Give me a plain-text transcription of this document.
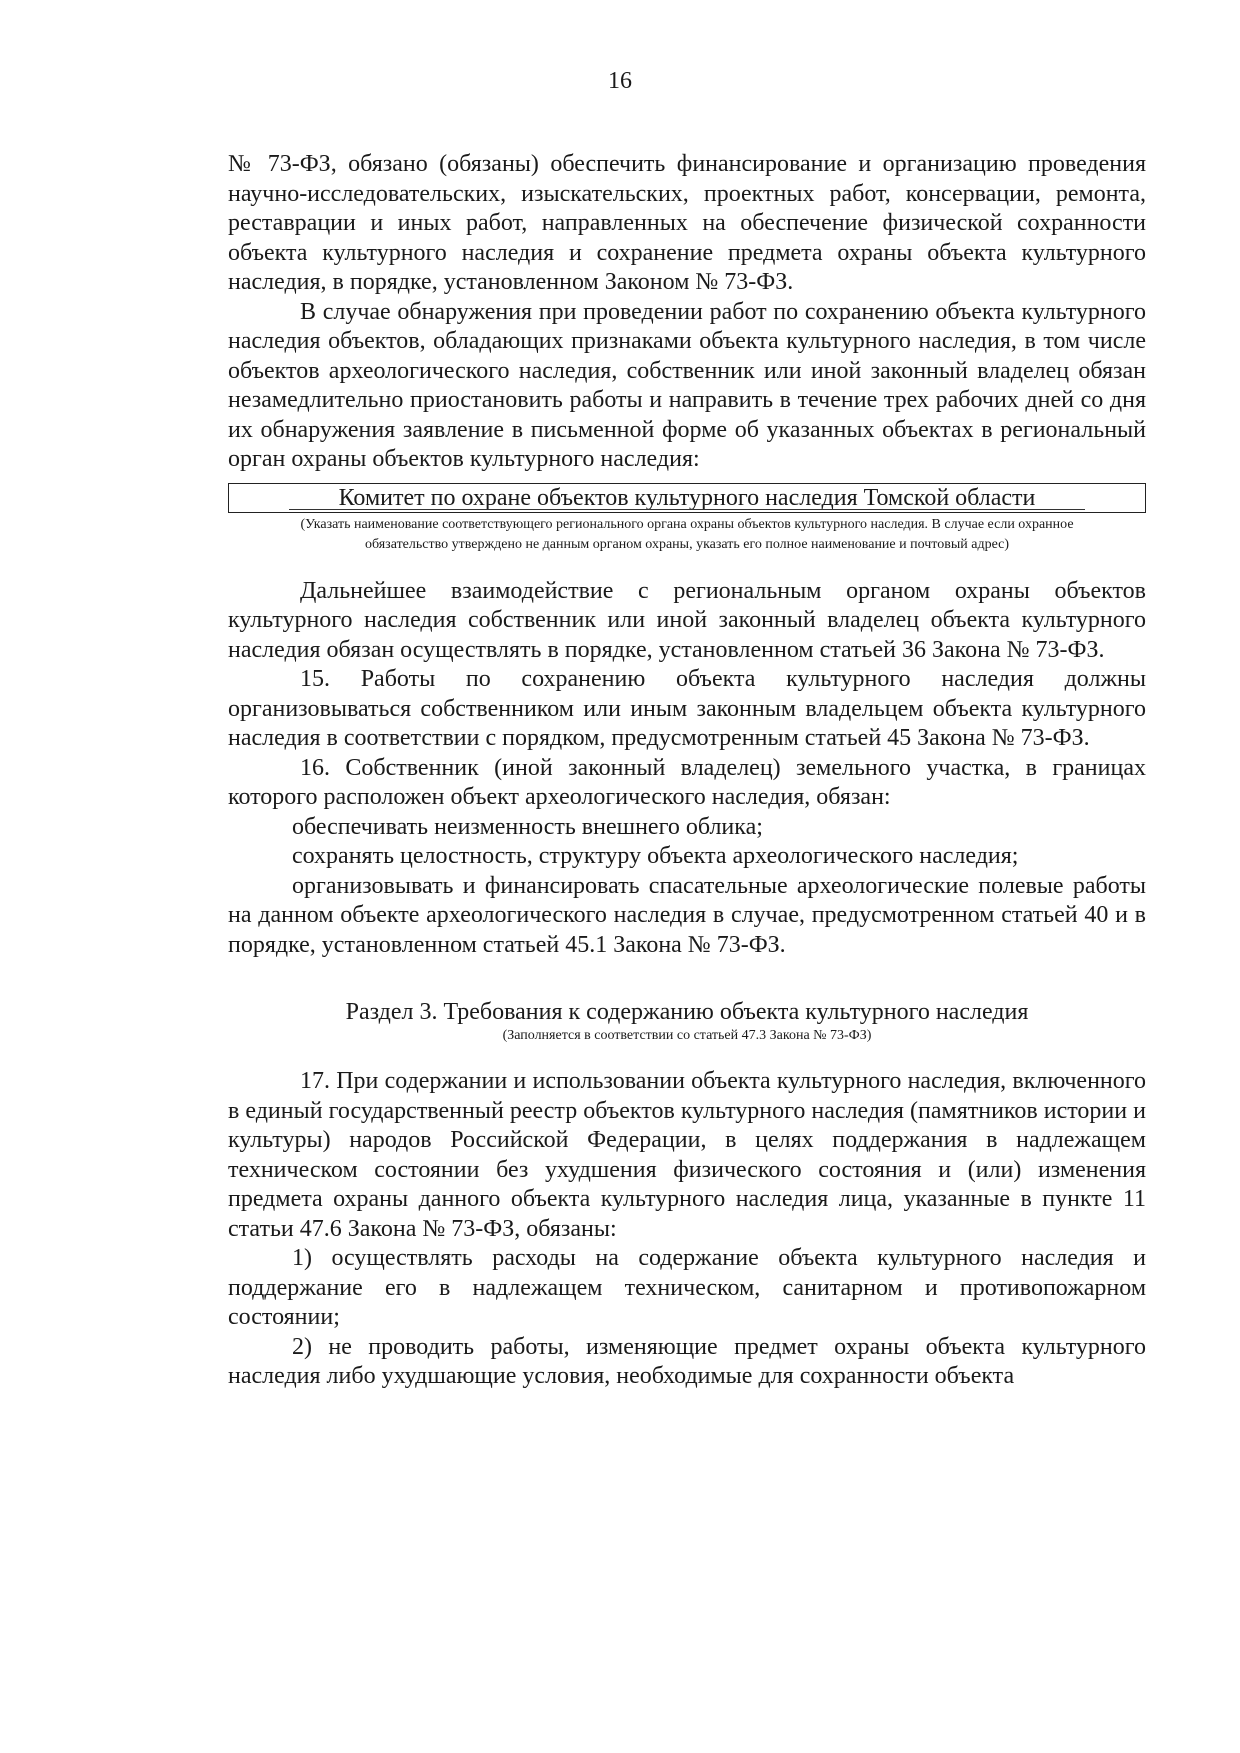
16

№ 73-ФЗ, обязано (обязаны) обеспечить финансирование и организацию проведения научно-исследовательских, изыскательских, проектных работ, консервации, ремонта, реставрации и иных работ, направленных на обеспечение физической сохранности объекта культурного наследия и сохранение предмета охраны объекта культурного наследия, в порядке, установленном Законом № 73-ФЗ.

В случае обнаружения при проведении работ по сохранению объекта культурного наследия объектов, обладающих признаками объекта культурного наследия, в том числе объектов археологического наследия, собственник или иной законный владелец обязан незамедлительно приостановить работы и направить в течение трех рабочих дней со дня их обнаружения заявление в письменной форме об указанных объектах в региональный орган охраны объектов культурного наследия:

Комитет по охране объектов культурного наследия Томской области
(Указать наименование соответствующего регионального органа охраны объектов культурного наследия. В случае если охранное обязательство утверждено не данным органом охраны, указать его полное наименование и почтовый адрес)

Дальнейшее взаимодействие с региональным органом охраны объектов культурного наследия собственник или иной законный владелец объекта культурного наследия обязан осуществлять в порядке, установленном статьей 36 Закона № 73-ФЗ.

15. Работы по сохранению объекта культурного наследия должны организовываться собственником или иным законным владельцем объекта культурного наследия в соответствии с порядком, предусмотренным статьей 45 Закона № 73-ФЗ.

16. Собственник (иной законный владелец) земельного участка, в границах которого расположен объект археологического наследия, обязан:

обеспечивать неизменность внешнего облика;

сохранять целостность, структуру объекта археологического наследия;

организовывать и финансировать спасательные археологические полевые работы на данном объекте археологического наследия в случае, предусмотренном статьей 40 и в порядке, установленном статьей 45.1 Закона № 73-ФЗ.

Раздел 3. Требования к содержанию объекта культурного наследия
(Заполняется в соответствии со статьей 47.3 Закона № 73-ФЗ)

17. При содержании и использовании объекта культурного наследия, включенного в единый государственный реестр объектов культурного наследия (памятников истории и культуры) народов Российской Федерации, в целях поддержания в надлежащем техническом состоянии без ухудшения физического состояния и (или) изменения предмета охраны данного объекта культурного наследия лица, указанные в пункте 11 статьи 47.6 Закона № 73-ФЗ, обязаны:

1) осуществлять расходы на содержание объекта культурного наследия и поддержание его в надлежащем техническом, санитарном и противопожарном состоянии;

2) не проводить работы, изменяющие предмет охраны объекта культурного наследия либо ухудшающие условия, необходимые для сохранности объекта
